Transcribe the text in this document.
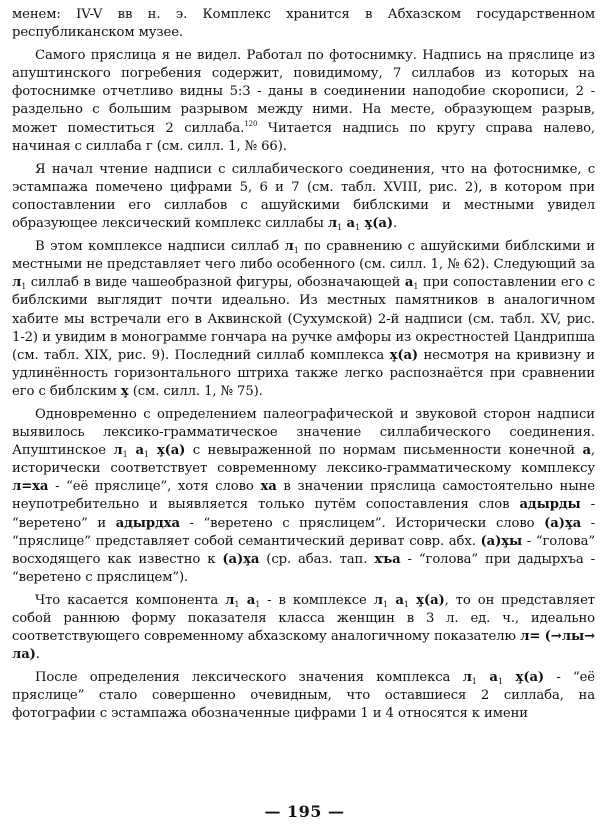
менем: IV-V вв н. э. Комплекс хранится в Абхазском государственном республиканском музее.

Самого пряслица я не видел. Работал по фотоснимку. Надпись на пряслице из апуштинского погребения содержит, повидимому, 7 силлабов из которых на фотоснимке отчетливо видны 5:3 - даны в соединении наподобие скорописи, 2 - раздельно с большим разрывом между ними. На месте, образующем разрыв, может поместиться 2 силлаба.$^{120}$ Читается надпись по кругу справа налево, начиная с силлаба г (см. силл. 1, № 66).

Я начал чтение надписи с силлабического соединения, что на фотоснимке, с эстампажа помечено цифрами 5, 6 и 7 (см. табл. XVIII, рис. 2), в котором при сопоставлении его силлабов с ашуйскими библскими и местными увидел образующее лексический комплекс силлабы $л_1$ $а_1$ х̧(а).

В этом комплексе надписи силлаб $л_1$ по сравнению с ашуйскими библскими и местными не представляет чего либо особенного (см. силл. 1, № 62). Следующий за $л_1$ силлаб в виде чашеобразной фигуры, обозначающей $а_1$ при сопоставлении его с библскими выглядит почти идеально. Из местных памятников в аналогичном хабите мы встречали его в Аквинской (Сухумской) 2-й надписи (см. табл. XV, рис. 1-2) и увидим в монограмме гончара на ручке амфоры из окрестностей Цандрипша (см. табл. XIX, рис. 9). Последний силлаб комплекса х̧(а) несмотря на кривизну и удлинённость горизонтального штриха также легко распознаётся при сравнении его с библским х̧ (см. силл. 1, № 75).

Одновременно с определением палеографической и звуковой сторон надписи выявилось лексико-грамматическое значение силлабического соединения. Апуштинское $л_1$ $а_1$ х̧(а) с невыраженной по нормам письменности конечной а, исторически соответствует современному лексико-грамматическому комплексу л=ха - “её пряслице”, хотя слово ха в значении пряслица самостоятельно ныне неупотребительно и выявляется только путём сопоставления слов адырды - “веретено” и адырдха - “веретено с пряслицем”. Исторически слово (а)х̧а - “пряслице” представляет собой семантический дериват совр. абх. (а)х̧ы - “голова” восходящего как известно к (а)х̧а (ср. абаз. тап. хъа - “голова” при дадырхъа - “веретено с пряслицем”).

Что касается компонента $л_1$ $а_1$ - в комплексе $л_1$ $а_1$ х̧(а), то он представляет собой раннюю форму показателя класса женщин в 3 л. ед. ч., идеально соответствующего современному абхазскому аналогичному показателю л= (→лы→ ла).

После определения лексического значения комплекса $л_1$ $а_1$ х̧(а) - “её пряслице” стало совершенно очевидным, что оставшиеся 2 силлаба, на фотографии с эстампажа обозначенные цифрами 1 и 4 относятся к имени

— 195 —
